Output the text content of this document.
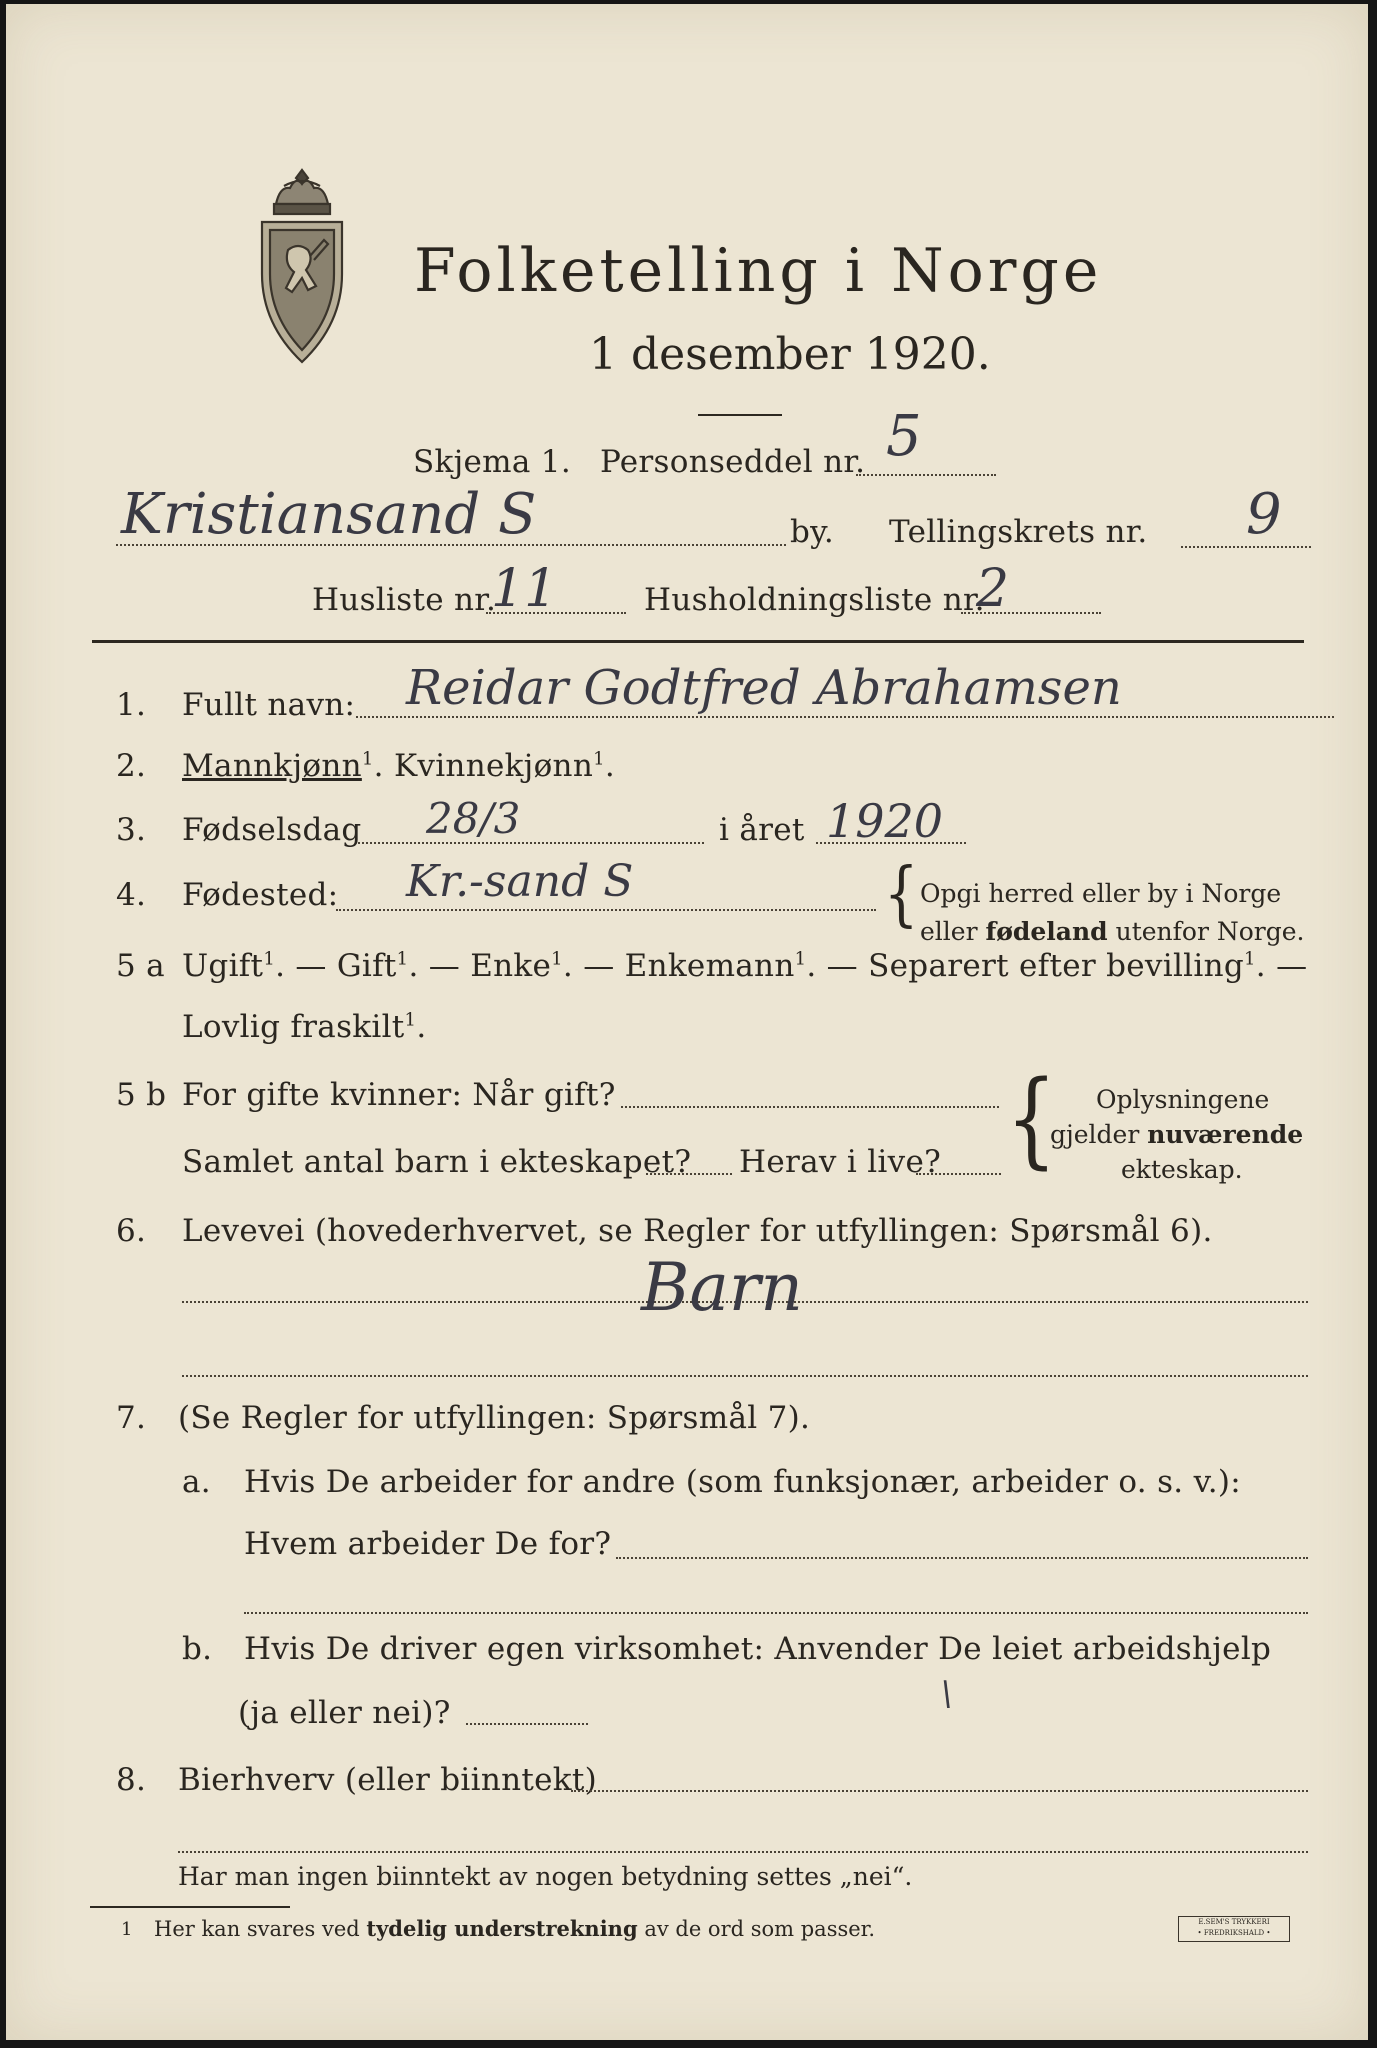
Folketelling i Norge
1 desember 1920.
Skjema 1. Personseddel nr. 5
Kristiansand S	by. Tellingskrets nr. 9
Husliste nr.
11	Husholdningsliste nr.
2
1. Fullt navn: Reidar Godtfred Abrahamsen
2. Mannkjønn$^1$. Kvinnekjønn$^1$.
3. Fødselsdag 28/3	i året 1920
4. Fødested: Kr.-sand S	{ Opgi herred eller by i Norge
eller fødeland utenfor Norge.
5 a Ugift$^1$. — Gift$^1$. — Enke$^1$. — Enkemann$^1$. — Separert efter bevilling$^1$. —
Lovlig fraskilt$^1$.
5 b For gifte kvinner: Når gift?
Samlet antal barn i ekteskapet? Herav i live? { Oplysningene
gjelder nuværende
ekteskap.
6. Levevei (hovederhvervet, se Regler for utfyllingen: Spørsmål 6).
Barn
7. (Se Regler for utfyllingen: Spørsmål 7).
a. Hvis De arbeider for andre (som funksjonær, arbeider o. s. v.):
Hvem arbeider De for?
b. Hvis De driver egen virksomhet: Anvender De leiet arbeidshjelp
(ja eller nei)?	\
8. Bierhverv (eller biinntekt)
Har man ingen biinntekt av nogen betydning settes „nei“.
1 Her kan svares ved tydelig understrekning av de ord som passer.	E.SEM'S TRYKKERI
• FREDRIKSHALD •
